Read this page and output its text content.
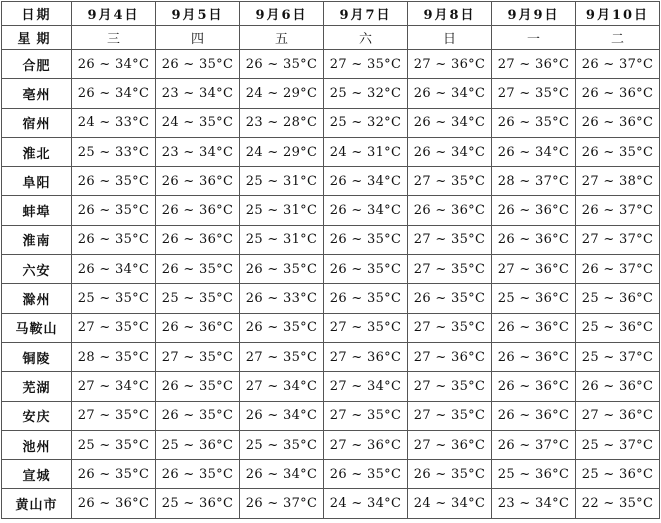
日期	9月4日	9月5日	9月6日	9月7日	9月8日	9月9日	9月10日
星期	三	四	五	六	日	一	二
合肥	26 ~ 34°C	26 ~ 35°C	26 ~ 35°C	27 ~ 35°C	27 ~ 36°C	27 ~ 36°C	26 ~ 37°C
亳州	26 ~ 34°C	23 ~ 34°C	24 ~ 29°C	25 ~ 32°C	26 ~ 34°C	27 ~ 35°C	26 ~ 36°C
宿州	24 ~ 33°C	24 ~ 35°C	23 ~ 28°C	25 ~ 32°C	26 ~ 34°C	26 ~ 35°C	26 ~ 36°C
淮北	25 ~ 33°C	23 ~ 34°C	24 ~ 29°C	24 ~ 31°C	26 ~ 34°C	26 ~ 34°C	26 ~ 35°C
阜阳	26 ~ 35°C	26 ~ 36°C	25 ~ 31°C	26 ~ 34°C	27 ~ 35°C	28 ~ 37°C	27 ~ 38°C
蚌埠	26 ~ 35°C	26 ~ 36°C	25 ~ 31°C	26 ~ 34°C	26 ~ 36°C	26 ~ 36°C	26 ~ 37°C
淮南	26 ~ 35°C	26 ~ 36°C	25 ~ 31°C	26 ~ 35°C	27 ~ 35°C	26 ~ 36°C	27 ~ 37°C
六安	26 ~ 34°C	26 ~ 35°C	26 ~ 35°C	26 ~ 35°C	27 ~ 35°C	27 ~ 36°C	26 ~ 37°C
滁州	25 ~ 35°C	25 ~ 35°C	26 ~ 33°C	26 ~ 35°C	26 ~ 35°C	25 ~ 36°C	25 ~ 36°C
马鞍山	27 ~ 35°C	26 ~ 36°C	26 ~ 35°C	27 ~ 35°C	27 ~ 35°C	26 ~ 36°C	25 ~ 36°C
铜陵	28 ~ 35°C	27 ~ 35°C	27 ~ 35°C	27 ~ 36°C	27 ~ 36°C	26 ~ 36°C	25 ~ 37°C
芜湖	27 ~ 34°C	26 ~ 35°C	27 ~ 34°C	27 ~ 34°C	27 ~ 35°C	26 ~ 36°C	26 ~ 36°C
安庆	27 ~ 35°C	26 ~ 35°C	26 ~ 34°C	27 ~ 35°C	27 ~ 35°C	26 ~ 36°C	27 ~ 36°C
池州	25 ~ 35°C	25 ~ 36°C	25 ~ 35°C	27 ~ 36°C	27 ~ 36°C	26 ~ 37°C	25 ~ 37°C
宣城	26 ~ 35°C	26 ~ 35°C	26 ~ 34°C	26 ~ 35°C	26 ~ 35°C	25 ~ 36°C	25 ~ 36°C
黄山市	26 ~ 36°C	25 ~ 36°C	26 ~ 37°C	24 ~ 34°C	24 ~ 34°C	23 ~ 34°C	22 ~ 35°C
